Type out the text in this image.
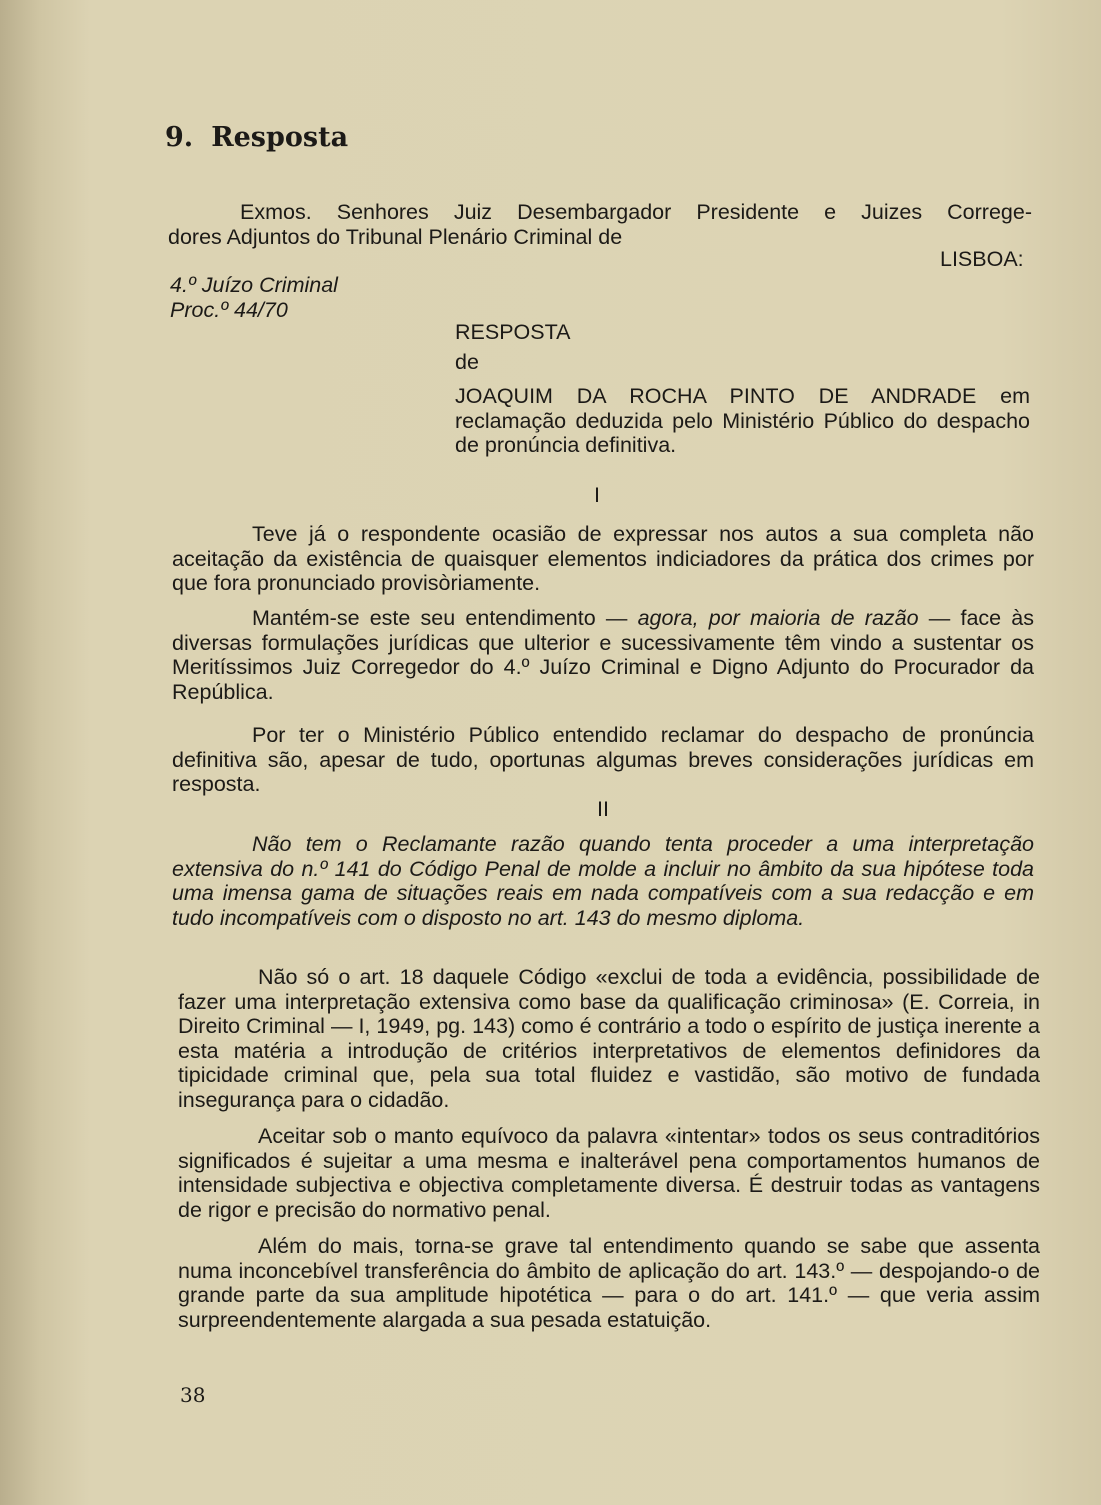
9. Resposta
Exmos. Senhores Juiz Desembargador Presidente e Juizes Correge-
dores Adjuntos do Tribunal Plenário Criminal de
LISBOA:
4.º Juízo Criminal
Proc.º 44/70
RESPOSTA
de

JOAQUIM DA ROCHA PINTO DE ANDRADE em reclamação deduzida pelo Ministério Público do despacho de pronúncia definitiva.

I

Teve já o respondente ocasião de expressar nos autos a sua completa não aceitação da existência de quaisquer elementos indiciadores da prática dos crimes por que fora pronunciado provisòriamente.

Mantém-se este seu entendimento — agora, por maioria de razão — face às diversas formulações jurídicas que ulterior e sucessivamente têm vindo a sustentar os Meritíssimos Juiz Corregedor do 4.º Juízo Criminal e Digno Adjunto do Procurador da República.

Por ter o Ministério Público entendido reclamar do despacho de pronúncia definitiva são, apesar de tudo, oportunas algumas breves considerações jurídicas em resposta.

II

Não tem o Reclamante razão quando tenta proceder a uma interpretação extensiva do n.º 141 do Código Penal de molde a incluir no âmbito da sua hipótese toda uma imensa gama de situações reais em nada compatíveis com a sua redacção e em tudo incompatíveis com o disposto no art. 143 do mesmo diploma.

Não só o art. 18 daquele Código «exclui de toda a evidência, possibilidade de fazer uma interpretação extensiva como base da qualificação criminosa» (E. Correia, in Direito Criminal — I, 1949, pg. 143) como é contrário a todo o espírito de justiça inerente a esta matéria a introdução de critérios interpretativos de elementos definidores da tipicidade criminal que, pela sua total fluidez e vastidão, são motivo de fundada insegurança para o cidadão.

Aceitar sob o manto equívoco da palavra «intentar» todos os seus contraditórios significados é sujeitar a uma mesma e inalterável pena comportamentos humanos de intensidade subjectiva e objectiva completamente diversa. É destruir todas as vantagens de rigor e precisão do normativo penal.

Além do mais, torna-se grave tal entendimento quando se sabe que assenta numa inconcebível transferência do âmbito de aplicação do art. 143.º — despojando-o de grande parte da sua amplitude hipotética — para o do art. 141.º — que veria assim surpreendentemente alargada a sua pesada estatuição.

38
